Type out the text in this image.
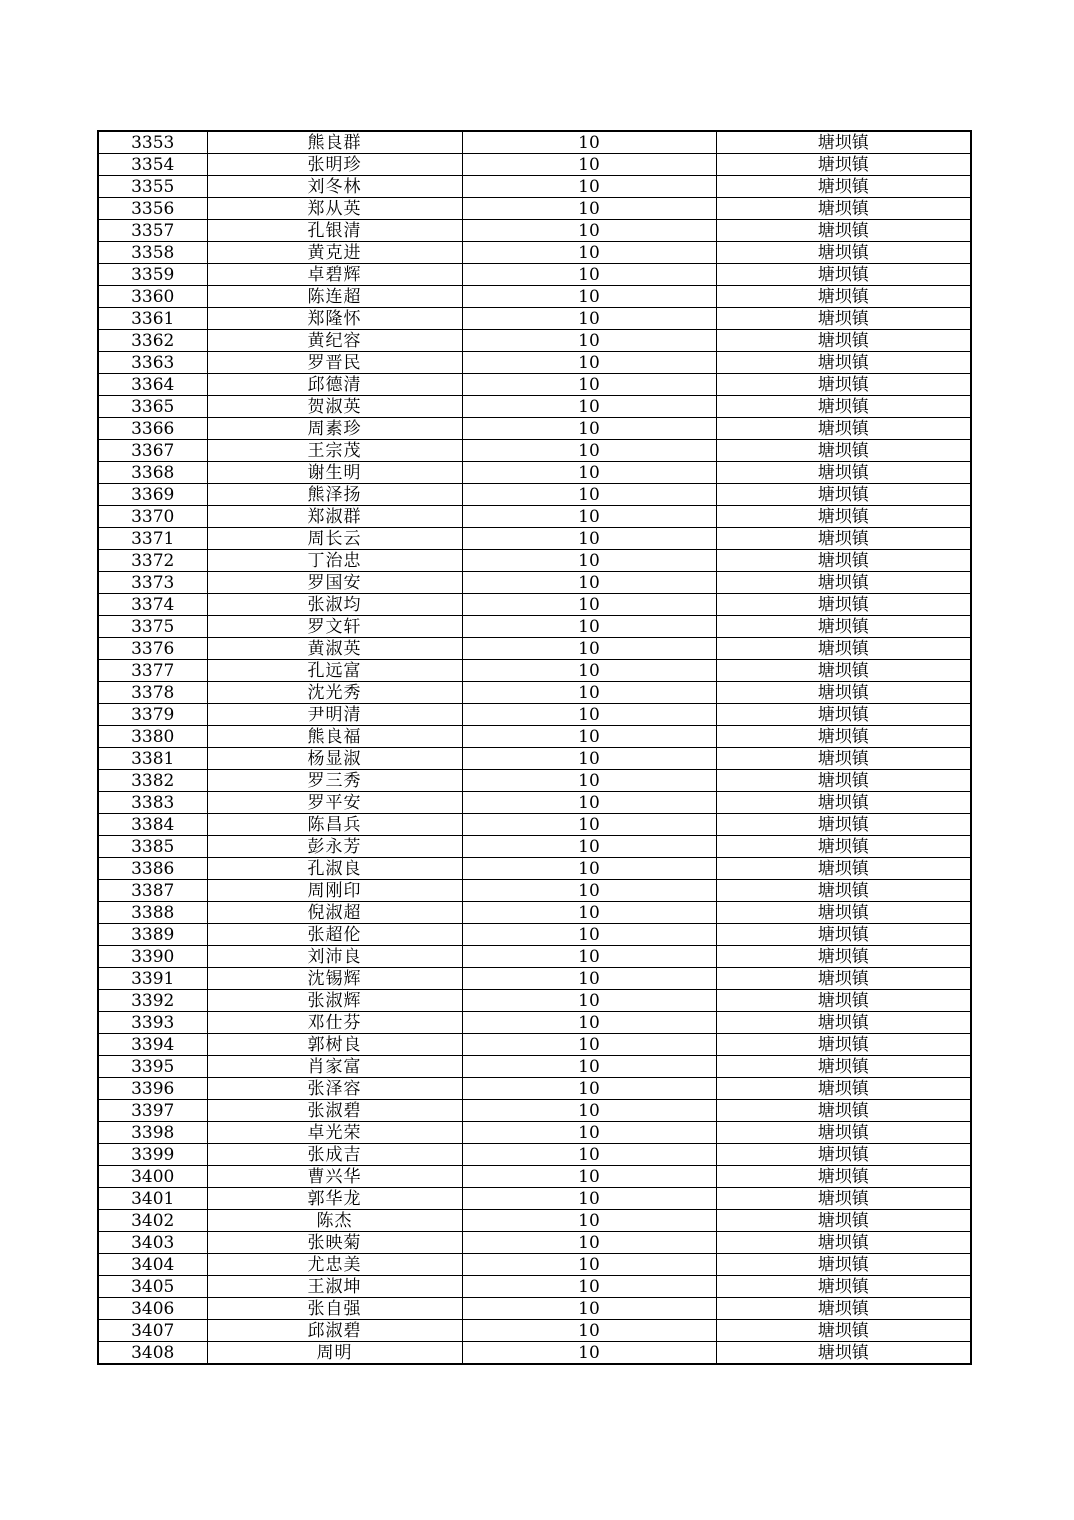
3353	熊良群	10	塘坝镇
3354	张明珍	10	塘坝镇
3355	刘冬林	10	塘坝镇
3356	郑从英	10	塘坝镇
3357	孔银清	10	塘坝镇
3358	黄克进	10	塘坝镇
3359	卓碧辉	10	塘坝镇
3360	陈连超	10	塘坝镇
3361	郑隆怀	10	塘坝镇
3362	黄纪容	10	塘坝镇
3363	罗晋民	10	塘坝镇
3364	邱德清	10	塘坝镇
3365	贺淑英	10	塘坝镇
3366	周素珍	10	塘坝镇
3367	王宗茂	10	塘坝镇
3368	谢生明	10	塘坝镇
3369	熊泽扬	10	塘坝镇
3370	郑淑群	10	塘坝镇
3371	周长云	10	塘坝镇
3372	丁治忠	10	塘坝镇
3373	罗国安	10	塘坝镇
3374	张淑均	10	塘坝镇
3375	罗文轩	10	塘坝镇
3376	黄淑英	10	塘坝镇
3377	孔远富	10	塘坝镇
3378	沈光秀	10	塘坝镇
3379	尹明清	10	塘坝镇
3380	熊良福	10	塘坝镇
3381	杨显淑	10	塘坝镇
3382	罗三秀	10	塘坝镇
3383	罗平安	10	塘坝镇
3384	陈昌兵	10	塘坝镇
3385	彭永芳	10	塘坝镇
3386	孔淑良	10	塘坝镇
3387	周刚印	10	塘坝镇
3388	倪淑超	10	塘坝镇
3389	张超伦	10	塘坝镇
3390	刘沛良	10	塘坝镇
3391	沈锡辉	10	塘坝镇
3392	张淑辉	10	塘坝镇
3393	邓仕芬	10	塘坝镇
3394	郭树良	10	塘坝镇
3395	肖家富	10	塘坝镇
3396	张泽容	10	塘坝镇
3397	张淑碧	10	塘坝镇
3398	卓光荣	10	塘坝镇
3399	张成吉	10	塘坝镇
3400	曹兴华	10	塘坝镇
3401	郭华龙	10	塘坝镇
3402	陈杰	10	塘坝镇
3403	张映菊	10	塘坝镇
3404	尤忠美	10	塘坝镇
3405	王淑坤	10	塘坝镇
3406	张自强	10	塘坝镇
3407	邱淑碧	10	塘坝镇
3408	周明	10	塘坝镇
